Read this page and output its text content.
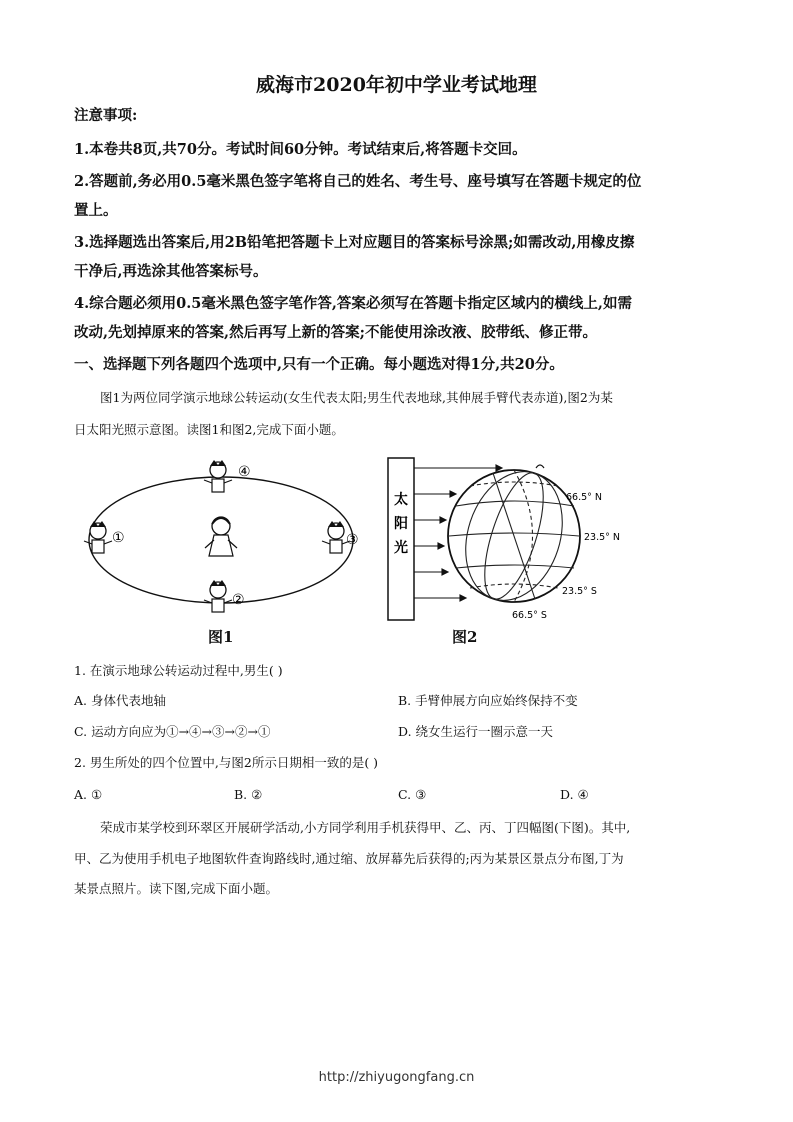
威海市2020年初中学业考试地理
注意事项:
1.本卷共8页,共70分。考试时间60分钟。考试结束后,将答题卡交回。
2.答题前,务必用0.5毫米黑色签字笔将自己的姓名、考生号、座号填写在答题卡规定的位
置上。
3.选择题选出答案后,用2B铅笔把答题卡上对应题目的答案标号涂黑;如需改动,用橡皮擦
干净后,再选涂其他答案标号。
4.综合题必须用0.5毫米黑色签字笔作答,答案必须写在答题卡指定区域内的横线上,如需
改动,先划掉原来的答案,然后再写上新的答案;不能使用涂改液、胶带纸、修正带。
一、选择题下列各题四个选项中,只有一个正确。每小题选对得1分,共20分。
图1为两位同学演示地球公转运动(女生代表太阳;男生代表地球,其伸展手臂代表赤道),图2为某
日太阳光照示意图。读图1和图2,完成下面小题。
④
①	③
②
图1
太
阳
光
66.5° N
23.5° N
23.5° S
66.5° S
图2
1. 在演示地球公转运动过程中,男生( )
A. 身体代表地轴	B. 手臂伸展方向应始终保持不变
C. 运动方向应为①→④→③→②→①	D. 绕女生运行一圈示意一天
2. 男生所处的四个位置中,与图2所示日期相一致的是( )
A. ①	B. ②	C. ③	D. ④
荣成市某学校到环翠区开展研学活动,小方同学利用手机获得甲、乙、丙、丁四幅图(下图)。其中,
甲、乙为使用手机电子地图软件查询路线时,通过缩、放屏幕先后获得的;丙为某景区景点分布图,丁为
某景点照片。读下图,完成下面小题。
http://zhiyugongfang.cn
